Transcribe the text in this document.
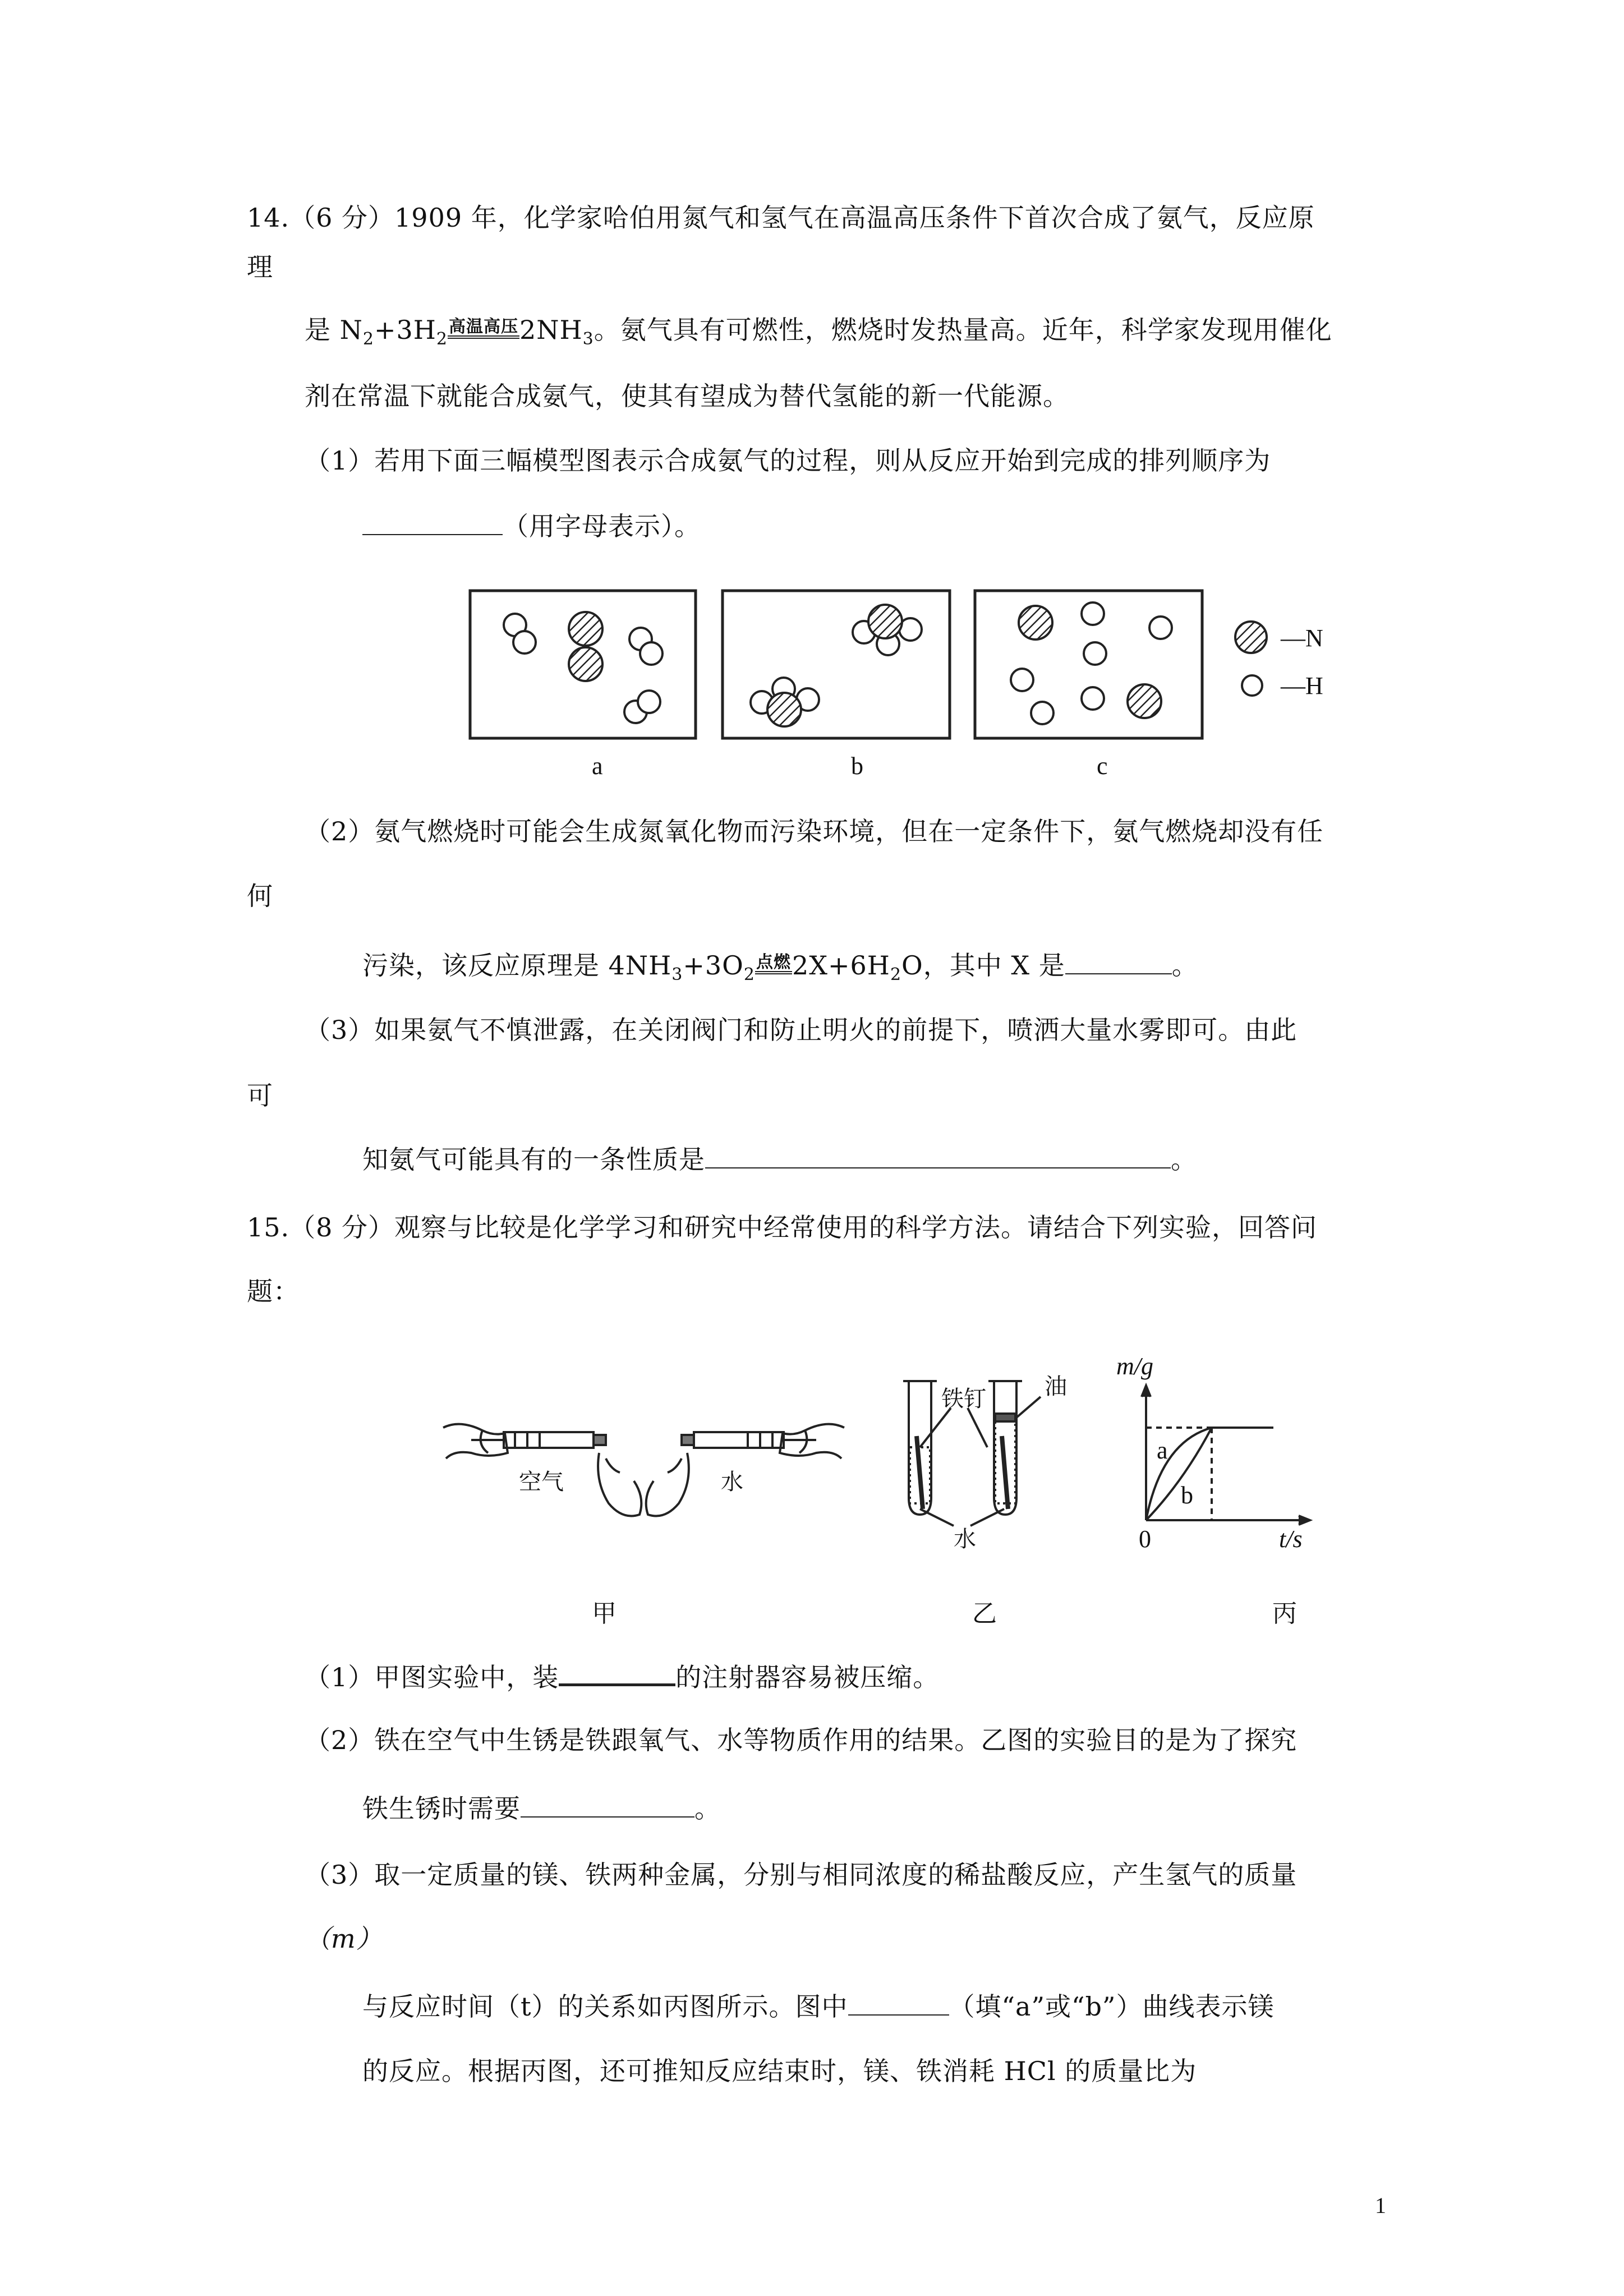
14.（6 分）1909 年，化学家哈伯用氮气和氢气在高温高压条件下首次合成了氨气，反应原
理
是 $N_2+3H_2$高温高压$2NH_3$。氨气具有可燃性，燃烧时发热量高。近年，科学家发现用催化
剂在常温下就能合成氨气，使其有望成为替代氢能的新一代能源。
（1）若用下面三幅模型图表示合成氨气的过程，则从反应开始到完成的排列顺序为
（用字母表示）。
—N
—H
a	b	c
（2）氨气燃烧时可能会生成氮氧化物而污染环境，但在一定条件下，氨气燃烧却没有任
何
污染，该反应原理是 $4NH_3+3O_2$点燃$2X+6H_2O$，其中 X 是	。
（3）如果氨气不慎泄露，在关闭阀门和防止明火的前提下，喷洒大量水雾即可。由此
可
知氨气可能具有的一条性质是	。
15.（8 分）观察与比较是化学学习和研究中经常使用的科学方法。请结合下列实验，回答问
题：
空气	水
铁钉	油
水
m/g
t/s
0
a
b
甲	乙	丙
（1）甲图实验中，装	的注射器容易被压缩。
（2）铁在空气中生锈是铁跟氧气、水等物质作用的结果。乙图的实验目的是为了探究
铁生锈时需要	。
（3）取一定质量的镁、铁两种金属，分别与相同浓度的稀盐酸反应，产生氢气的质量
（m）
与反应时间（t）的关系如丙图所示。图中	（填“a”或“b”）曲线表示镁
的反应。根据丙图，还可推知反应结束时，镁、铁消耗 HCl 的质量比为
1
